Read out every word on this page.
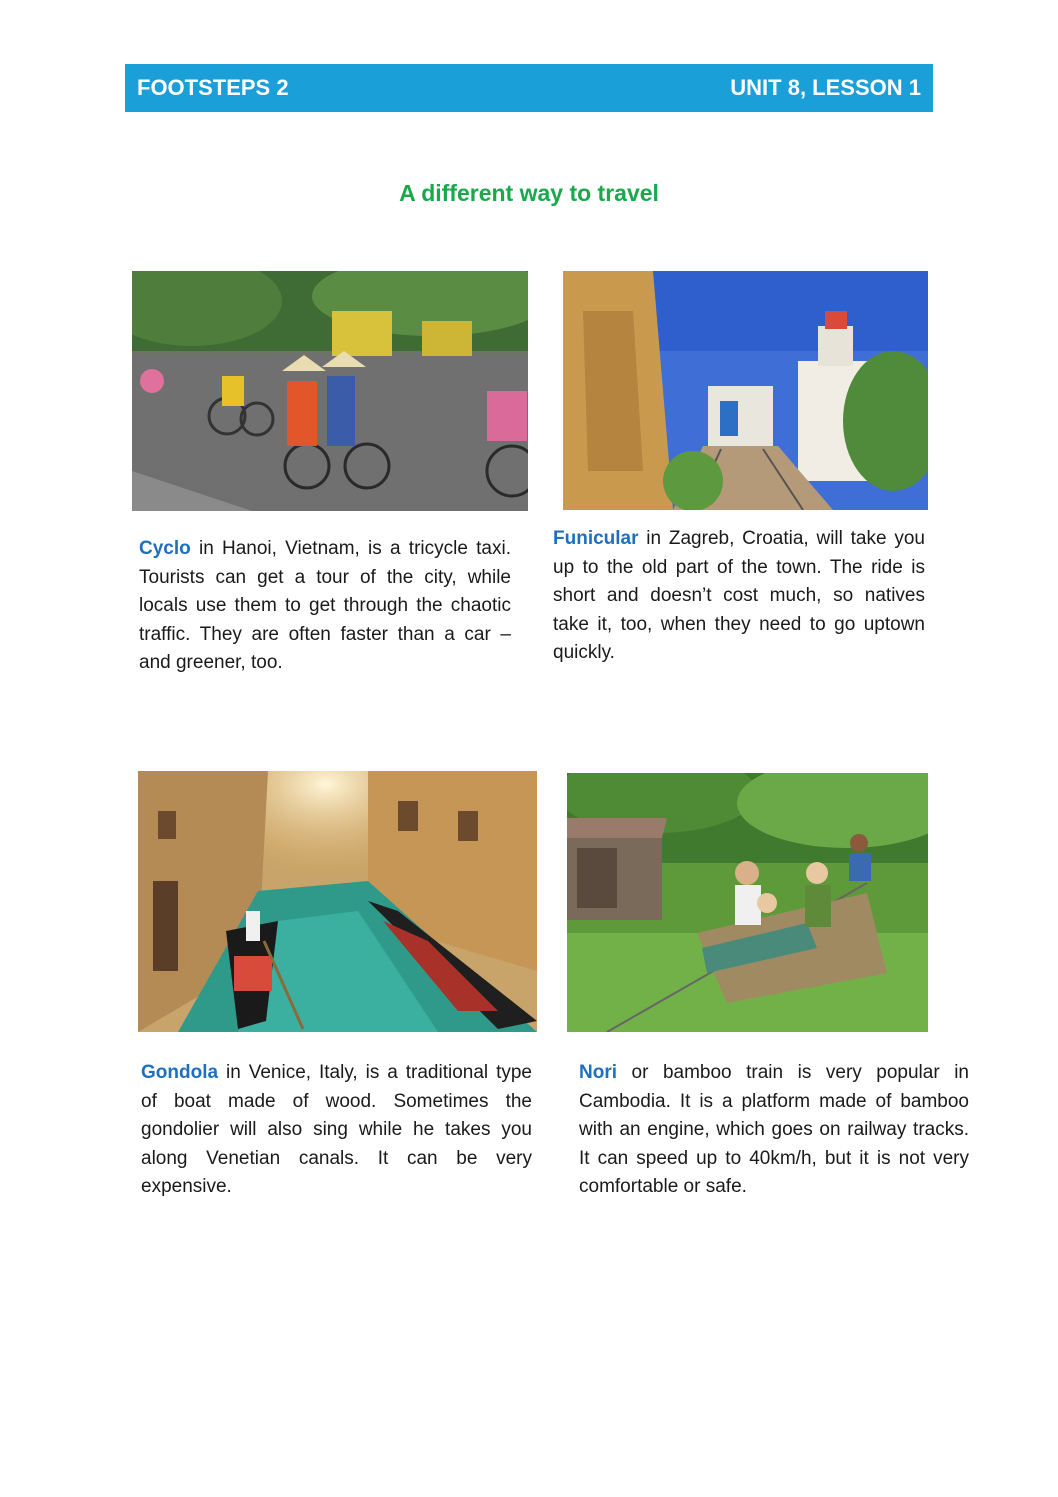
FOOTSTEPS 2	UNIT 8, LESSON 1
A different way to travel
Cyclo in Hanoi, Vietnam, is a tricycle taxi. Tourists can get a tour of the city, while locals use them to get through the chaotic traffic. They are often faster than a car – and greener, too.
Funicular in Zagreb, Croatia, will take you up to the old part of the town. The ride is short and doesn’t cost much, so natives take it, too, when they need to go uptown quickly.
Gondola in Venice, Italy, is a traditional type of boat made of wood. Sometimes the gondolier will also sing while he takes you along Venetian canals. It can be very expensive.
Nori or bamboo train is very popular in Cambodia. It is a platform made of bamboo with an engine, which goes on railway tracks. It can speed up to 40km/h, but it is not very comfortable or safe.
